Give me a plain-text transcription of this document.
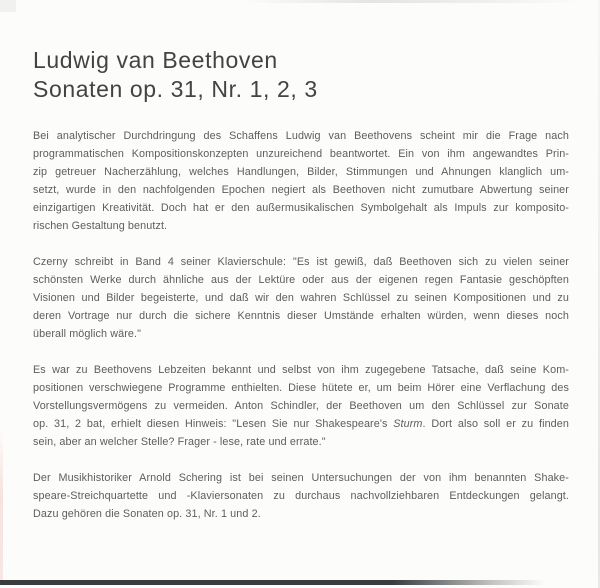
Ludwig van Beethoven
Sonaten op. 31, Nr. 1, 2, 3
Bei analytischer Durchdringung des Schaffens Ludwig van Beethovens scheint mir die Frage nach
programmatischen Kompositionskonzepten unzureichend beantwortet. Ein von ihm angewandtes Prin-
zip getreuer Nacherzählung, welches Handlungen, Bilder, Stimmungen und Ahnungen klanglich um-
setzt, wurde in den nachfolgenden Epochen negiert als Beethoven nicht zumutbare Abwertung seiner
einzigartigen Kreativität. Doch hat er den außermusikalischen Symbolgehalt als Impuls zur komposito-
rischen Gestaltung benutzt.
Czerny schreibt in Band 4 seiner Klavierschule: "Es ist gewiß, daß Beethoven sich zu vielen seiner
schönsten Werke durch ähnliche aus der Lektüre oder aus der eigenen regen Fantasie geschöpften
Visionen und Bilder begeisterte, und daß wir den wahren Schlüssel zu seinen Kompositionen und zu
deren Vortrage nur durch die sichere Kenntnis dieser Umstände erhalten würden, wenn dieses noch
überall möglich wäre."
Es war zu Beethovens Lebzeiten bekannt und selbst von ihm zugegebene Tatsache, daß seine Kom-
positionen verschwiegene Programme enthielten. Diese hütete er, um beim Hörer eine Verflachung des
Vorstellungsvermögens zu vermeiden. Anton Schindler, der Beethoven um den Schlüssel zur Sonate
op. 31, 2 bat, erhielt diesen Hinweis: "Lesen Sie nur Shakespeare's Sturm. Dort also soll er zu finden
sein, aber an welcher Stelle? Frager - lese, rate und errate."
Der Musikhistoriker Arnold Schering ist bei seinen Untersuchungen der von ihm benannten Shake-
speare-Streichquartette und -Klaviersonaten zu durchaus nachvollziehbaren Entdeckungen gelangt.
Dazu gehören die Sonaten op. 31, Nr. 1 und 2.
